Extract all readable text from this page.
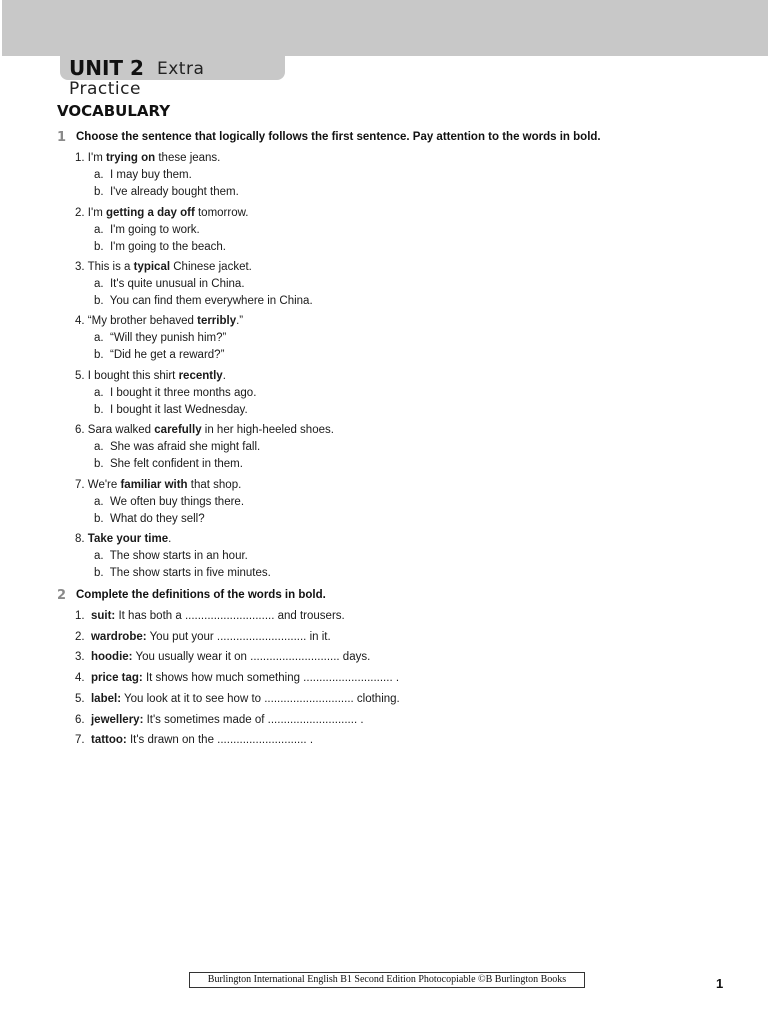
UNIT 2 Extra
Practice
VOCABULARY
1 Choose the sentence that logically follows the first sentence. Pay attention to the words in bold.
1. I'm trying on these jeans.
a. I may buy them.
b. I've already bought them.
2. I'm getting a day off tomorrow.
a. I'm going to work.
b. I'm going to the beach.
3. This is a typical Chinese jacket.
a. It's quite unusual in China.
b. You can find them everywhere in China.
4. “My brother behaved terribly.”
a. “Will they punish him?”
b. “Did he get a reward?”
5. I bought this shirt recently.
a. I bought it three months ago.
b. I bought it last Wednesday.
6. Sara walked carefully in her high-heeled shoes.
a. She was afraid she might fall.
b. She felt confident in them.
7. We're familiar with that shop.
a. We often buy things there.
b. What do they sell?
8. Take your time.
a. The show starts in an hour.
b. The show starts in five minutes.
2 Complete the definitions of the words in bold.
1. suit: It has both a ............................ and trousers.
2. wardrobe: You put your ............................ in it.
3. hoodie: You usually wear it on ............................ days.
4. price tag: It shows how much something ............................ .
5. label: You look at it to see how to ............................ clothing.
6. jewellery: It's sometimes made of ............................ .
7. tattoo: It's drawn on the ............................ .
Burlington International English B1 Second Edition Photocopiable ©B Burlington Books	1
